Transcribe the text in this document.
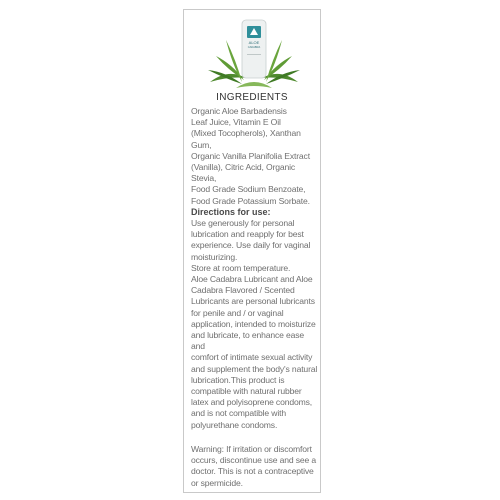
ALOE
CADABRA
INGREDIENTS
Organic Aloe Barbadensis
Leaf Juice, Vitamin E Oil
(Mixed Tocopherols), Xanthan Gum,
Organic Vanilla Planifolia Extract
(Vanilla), Citric Acid, Organic Stevia,
Food Grade Sodium Benzoate,
Food Grade Potassium Sorbate.
Directions for use:
Use generously for personal
lubrication and reapply for best
experience. Use daily for vaginal
moisturizing.
Store at room temperature.
Aloe Cadabra Lubricant and Aloe
Cadabra Flavored / Scented
Lubricants are personal lubricants
for penile and / or vaginal
application, intended to moisturize
and lubricate, to enhance ease and
comfort of intimate sexual activity
and supplement the body's natural
lubrication.This product is
compatible with natural rubber
latex and polyisoprene condoms,
and is not compatible with
polyurethane condoms.
Warning: If irritation or discomfort
occurs, discontinue use and see a
doctor. This is not a contraceptive
or spermicide.
